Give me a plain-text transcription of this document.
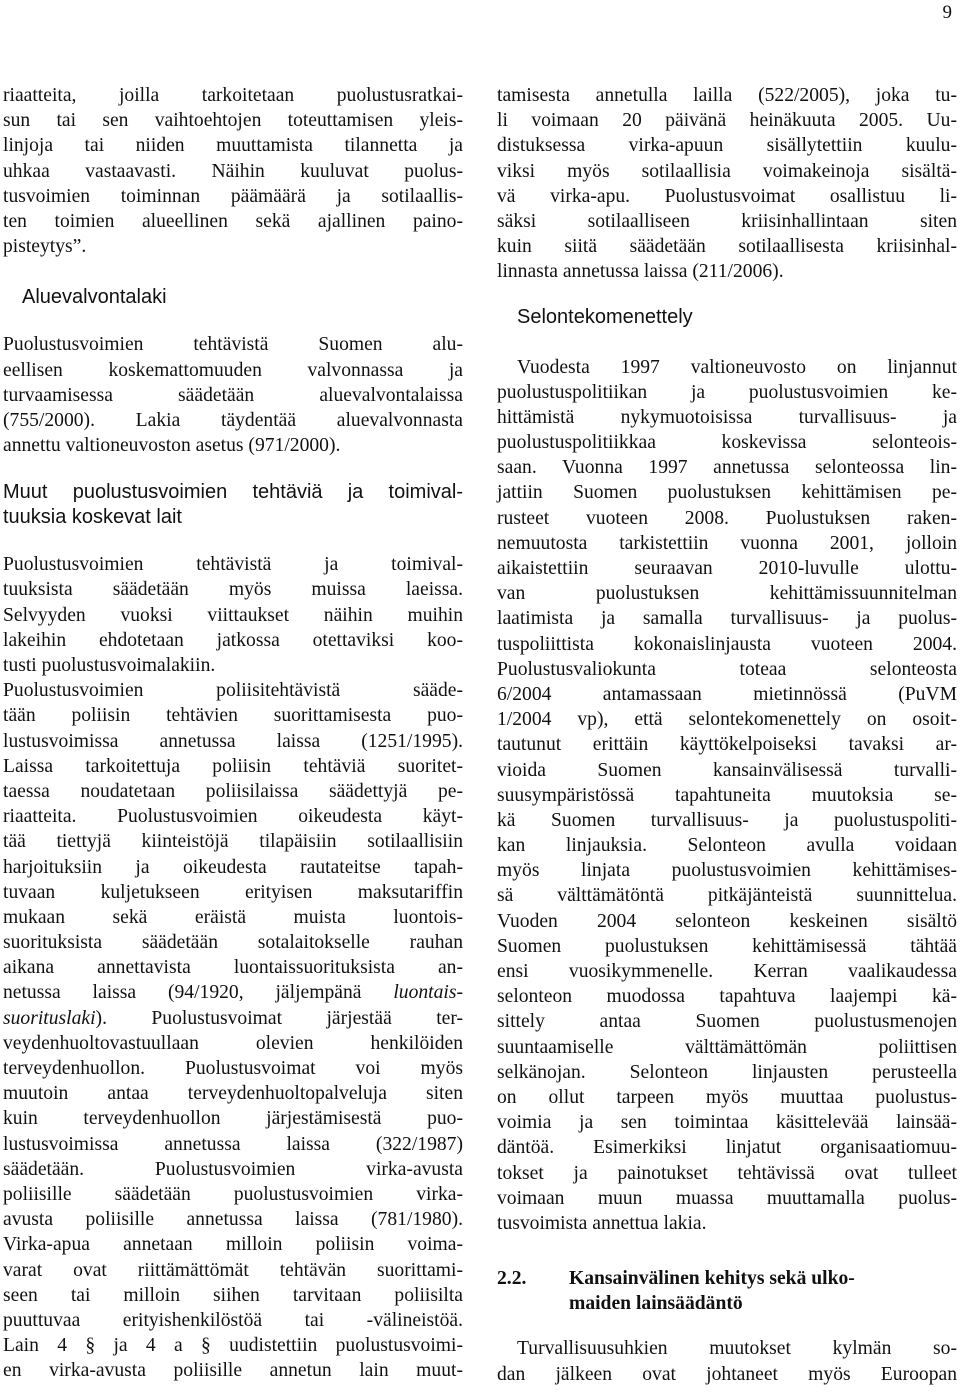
9

riaatteita, joilla tarkoitetaan puolustusratkai-
sun tai sen vaihtoehtojen toteuttamisen yleis-
linjoja tai niiden muuttamista tilannetta ja
uhkaa vastaavasti. Näihin kuuluvat puolus-
tusvoimien toiminnan päämäärä ja sotilaallis-
ten toimien alueellinen sekä ajallinen paino-
pisteytys”.

Aluevalvontalaki

Puolustusvoimien tehtävistä Suomen alu-
eellisen koskemattomuuden valvonnassa ja
turvaamisessa säädetään aluevalvontalaissa
(755/2000). Lakia täydentää aluevalvonnasta
annettu valtioneuvoston asetus (971/2000).

Muut puolustusvoimien tehtäviä ja toimival-
tuuksia koskevat lait

Puolustusvoimien tehtävistä ja toimival-
tuuksista säädetään myös muissa laeissa.
Selvyyden vuoksi viittaukset näihin muihin
lakeihin ehdotetaan jatkossa otettaviksi koo-
tusti puolustusvoimalakiin.

Puolustusvoimien poliisitehtävistä sääde-
tään poliisin tehtävien suorittamisesta puo-
lustusvoimissa annetussa laissa (1251/1995).
Laissa tarkoitettuja poliisin tehtäviä suoritet-
taessa noudatetaan poliisilaissa säädettyjä pe-
riaatteita. Puolustusvoimien oikeudesta käyt-
tää tiettyjä kiinteistöjä tilapäisiin sotilaallisiin
harjoituksiin ja oikeudesta rautateitse tapah-
tuvaan kuljetukseen erityisen maksutariffin
mukaan sekä eräistä muista luontois-
suorituksista säädetään sotalaitokselle rauhan
aikana annettavista luontaissuorituksista an-
netussa laissa (94/1920, jäljempänä luontais-
suorituslaki). Puolustusvoimat järjestää ter-
veydenhuoltovastuullaan olevien henkilöiden
terveydenhuollon. Puolustusvoimat voi myös
muutoin antaa terveydenhuoltopalveluja siten
kuin terveydenhuollon järjestämisestä puo-
lustusvoimissa annetussa laissa (322/1987)
säädetään. Puolustusvoimien virka-avusta
poliisille säädetään puolustusvoimien virka-
avusta poliisille annetussa laissa (781/1980).
Virka-apua annetaan milloin poliisin voima-
varat ovat riittämättömät tehtävän suorittami-
seen tai milloin siihen tarvitaan poliisilta
puuttuvaa erityishenkilöstöä tai -välineistöä.
Lain 4 § ja 4 a § uudistettiin puolustusvoimi-
en virka-avusta poliisille annetun lain muut-

tamisesta annetulla lailla (522/2005), joka tu-
li voimaan 20 päivänä heinäkuuta 2005. Uu-
distuksessa virka-apuun sisällytettiin kuulu-
viksi myös sotilaallisia voimakeinoja sisältä-
vä virka-apu. Puolustusvoimat osallistuu li-
säksi sotilaalliseen kriisinhallintaan siten
kuin siitä säädetään sotilaallisesta kriisinhal-
linnasta annetussa laissa (211/2006).

Selontekomenettely

Vuodesta 1997 valtioneuvosto on linjannut
puolustuspolitiikan ja puolustusvoimien ke-
hittämistä nykymuotoisissa turvallisuus- ja
puolustuspolitiikkaa koskevissa selonteois-
saan. Vuonna 1997 annetussa selonteossa lin-
jattiin Suomen puolustuksen kehittämisen pe-
rusteet vuoteen 2008. Puolustuksen raken-
nemuutosta tarkistettiin vuonna 2001, jolloin
aikaistettiin seuraavan 2010-luvulle ulottu-
van puolustuksen kehittämissuunnitelman
laatimista ja samalla turvallisuus- ja puolus-
tuspoliittista kokonaislinjausta vuoteen 2004.
Puolustusvaliokunta toteaa selonteosta
6/2004 antamassaan mietinnössä (PuVM
1/2004 vp), että selontekomenettely on osoit-
tautunut erittäin käyttökelpoiseksi tavaksi ar-
vioida Suomen kansainvälisessä turvalli-
suusympäristössä tapahtuneita muutoksia se-
kä Suomen turvallisuus- ja puolustuspoliti-
kan linjauksia. Selonteon avulla voidaan
myös linjata puolustusvoimien kehittämises-
sä välttämätöntä pitkäjänteistä suunnittelua.
Vuoden 2004 selonteon keskeinen sisältö
Suomen puolustuksen kehittämisessä tähtää
ensi vuosikymmenelle. Kerran vaalikaudessa
selonteon muodossa tapahtuva laajempi kä-
sittely antaa Suomen puolustusmenojen
suuntaamiselle välttämättömän poliittisen
selkänojan. Selonteon linjausten perusteella
on ollut tarpeen myös muuttaa puolustus-
voimia ja sen toimintaa käsittelevää lainsää-
däntöä. Esimerkiksi linjatut organisaatiomuu-
tokset ja painotukset tehtävissä ovat tulleet
voimaan muun muassa muuttamalla puolus-
tusvoimista annettua lakia.

2.2.	Kansainvälinen kehitys sekä ulko-
maiden lainsäädäntö

Turvallisuusuhkien muutokset kylmän so-
dan jälkeen ovat johtaneet myös Euroopan
